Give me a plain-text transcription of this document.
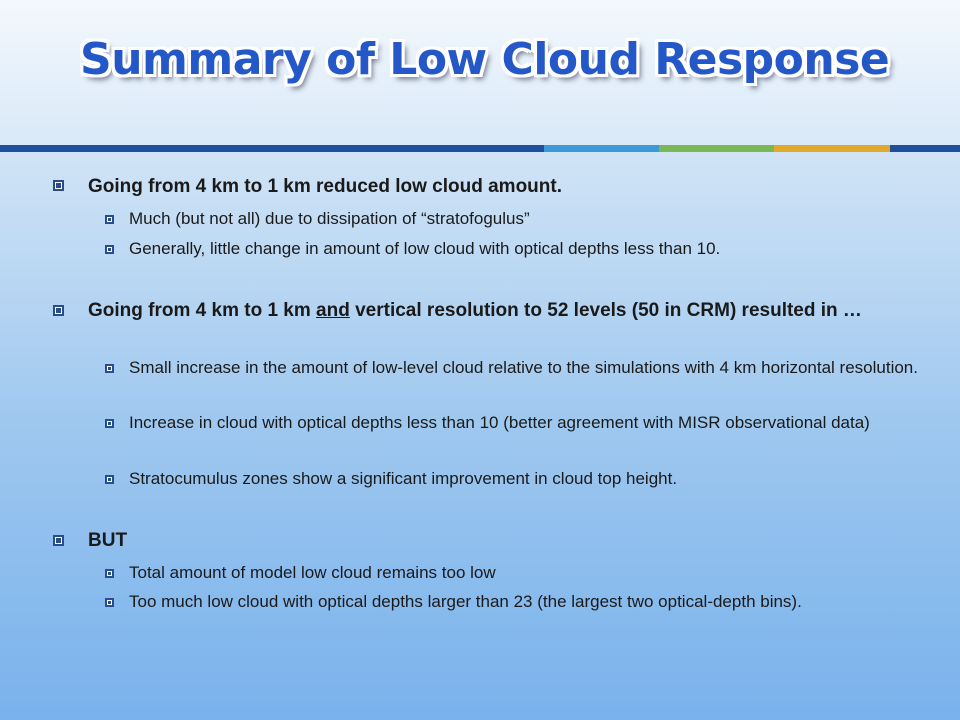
Summary of Low Cloud Response
Going from 4 km to 1 km reduced low cloud amount.
Much (but not all) due to dissipation of “stratofogulus”
Generally, little change in amount of low cloud with optical depths less than 10.
Going from 4 km to 1 km and vertical resolution to 52 levels (50 in CRM) resulted in …
Small increase in the amount of low-level cloud relative to the simulations with 4 km horizontal resolution.
Increase in cloud with optical depths less than 10 (better agreement with MISR observational data)
Stratocumulus zones show a significant improvement in cloud top height.
BUT
Total amount of model low cloud remains too low
Too much low cloud with optical depths larger than 23 (the largest two optical-depth bins).
